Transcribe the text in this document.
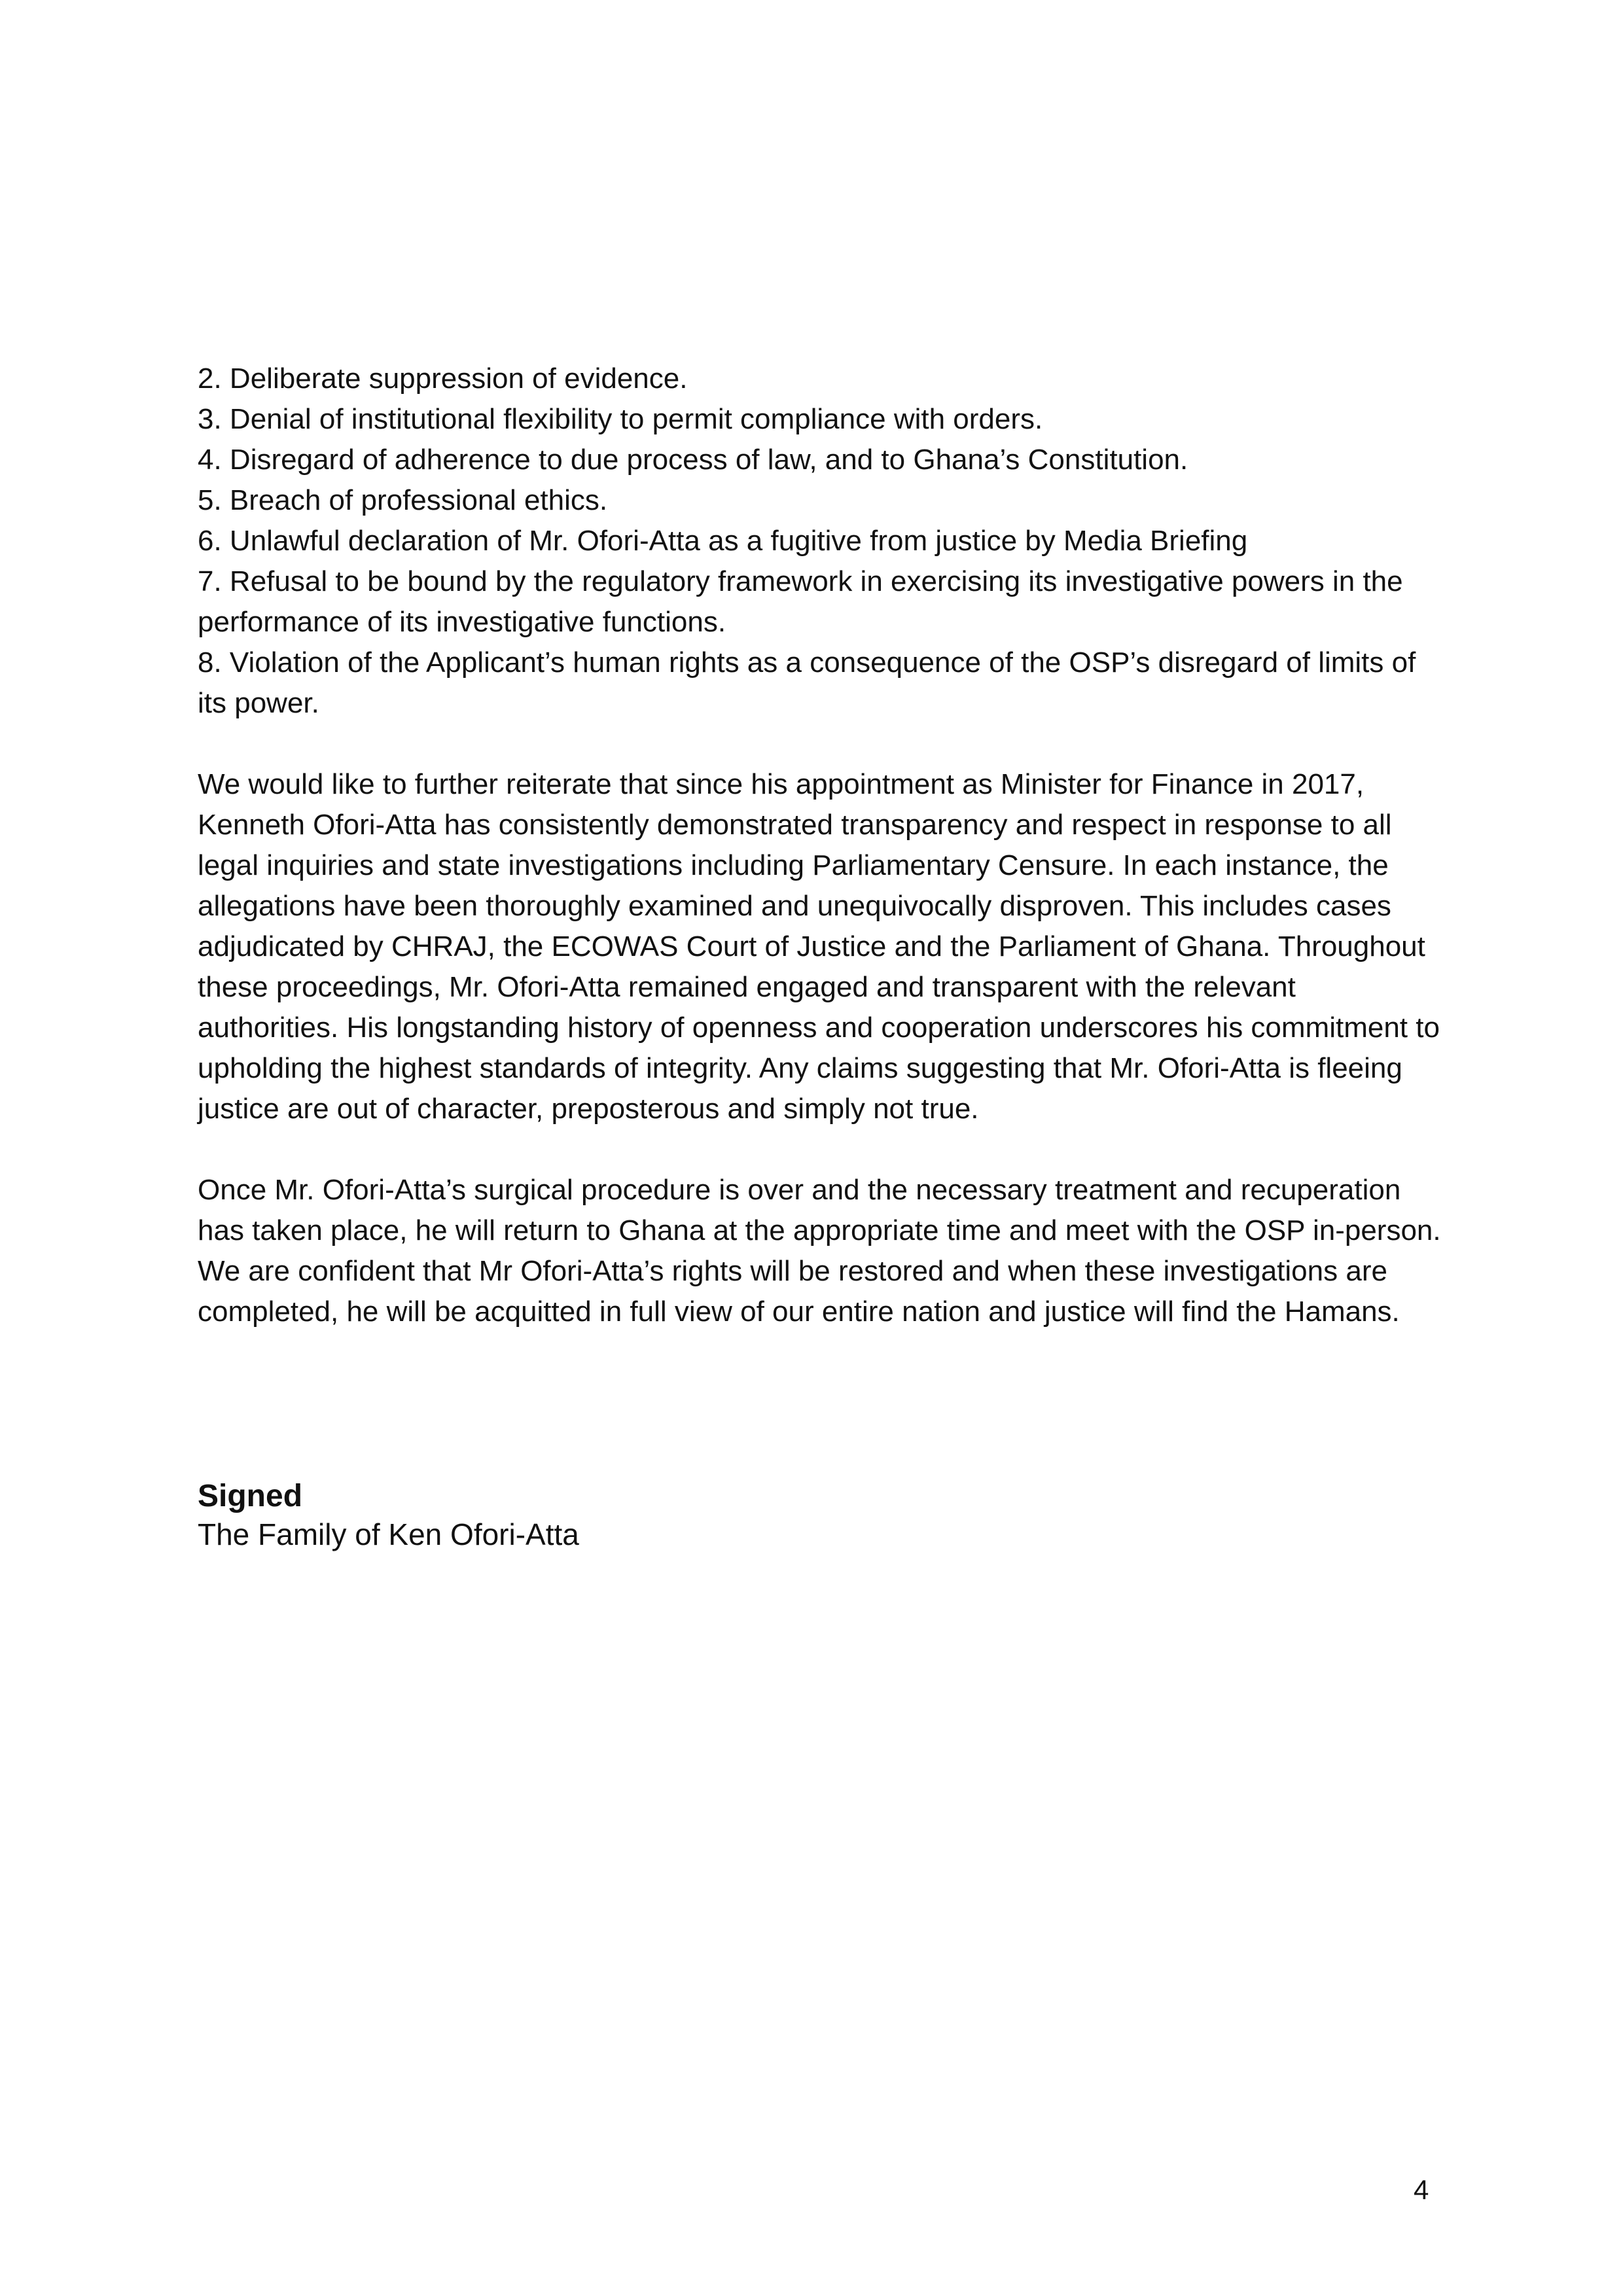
2. Deliberate suppression of evidence.

3. Denial of institutional flexibility to permit compliance with orders.

4. Disregard of adherence to due process of law, and to Ghana’s Constitution.

5. Breach of professional ethics.

6. Unlawful declaration of Mr. Ofori-Atta as a fugitive from justice by Media Briefing

7. Refusal to be bound by the regulatory framework in exercising its investigative powers in the performance of its investigative functions.

8. Violation of the Applicant’s human rights as a consequence of the OSP’s disregard of limits of its power.

We would like to further reiterate that since his appointment as Minister for Finance in 2017, Kenneth Ofori-Atta has consistently demonstrated transparency and respect in response to all legal inquiries and state investigations including Parliamentary Censure. In each instance, the allegations have been thoroughly examined and unequivocally disproven. This includes cases adjudicated by CHRAJ, the ECOWAS Court of Justice and the Parliament of Ghana. Throughout these proceedings, Mr. Ofori-Atta remained engaged and transparent with the relevant authorities. His longstanding history of openness and cooperation underscores his commitment to upholding the highest standards of integrity. Any claims suggesting that Mr. Ofori-Atta is fleeing justice are out of character, preposterous and simply not true.

Once Mr. Ofori-Atta’s surgical procedure is over and the necessary treatment and recuperation has taken place, he will return to Ghana at the appropriate time and meet with the OSP in-person. We are confident that Mr Ofori-Atta’s rights will be restored and when these investigations are completed, he will be acquitted in full view of our entire nation and justice will find the Hamans.

Signed
The Family of Ken Ofori-Atta
4
